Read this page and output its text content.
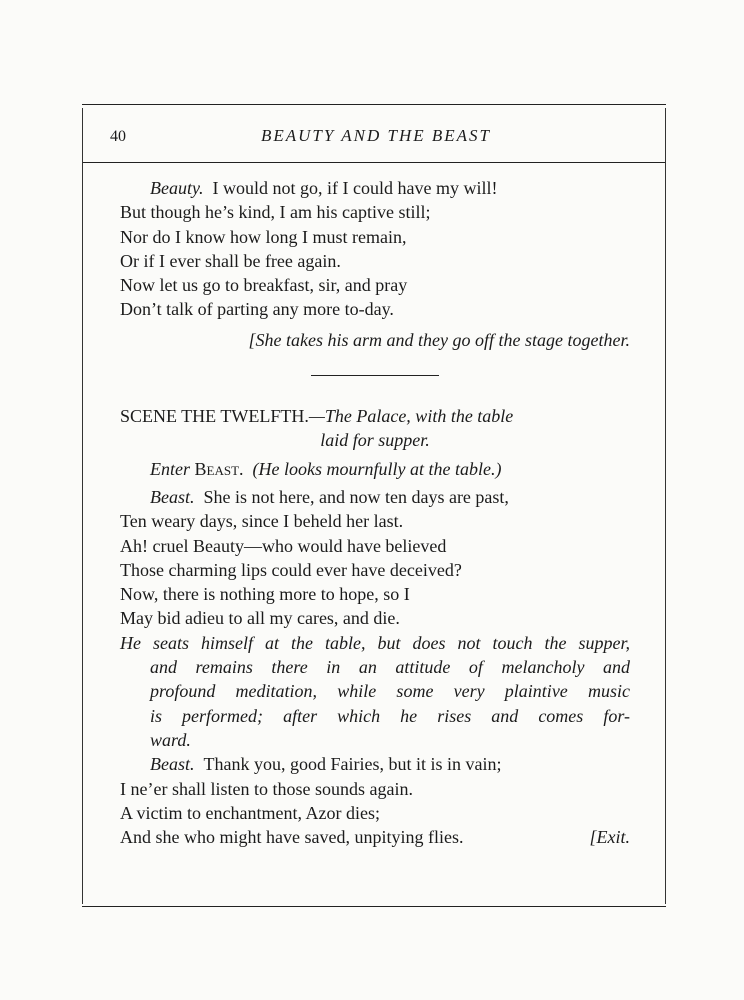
40	BEAUTY AND THE BEAST
Beauty. I would not go, if I could have my will!
But though he’s kind, I am his captive still;
Nor do I know how long I must remain,
Or if I ever shall be free again.
Now let us go to breakfast, sir, and pray
Don’t talk of parting any more to-day.
[She takes his arm and they go off the stage together.
SCENE THE TWELFTH.—The Palace, with the table
laid for supper.
Enter Beast. (He looks mournfully at the table.)
Beast. She is not here, and now ten days are past,
Ten weary days, since I beheld her last.
Ah! cruel Beauty—who would have believed
Those charming lips could ever have deceived?
Now, there is nothing more to hope, so I
May bid adieu to all my cares, and die.
He seats himself at the table, but does not touch the supper,
and remains there in an attitude of melancholy and
profound meditation, while some very plaintive music
is performed; after which he rises and comes for-
ward.
Beast. Thank you, good Fairies, but it is in vain;
I ne’er shall listen to those sounds again.
A victim to enchantment, Azor dies;
And she who might have saved, unpitying flies.	[Exit.
